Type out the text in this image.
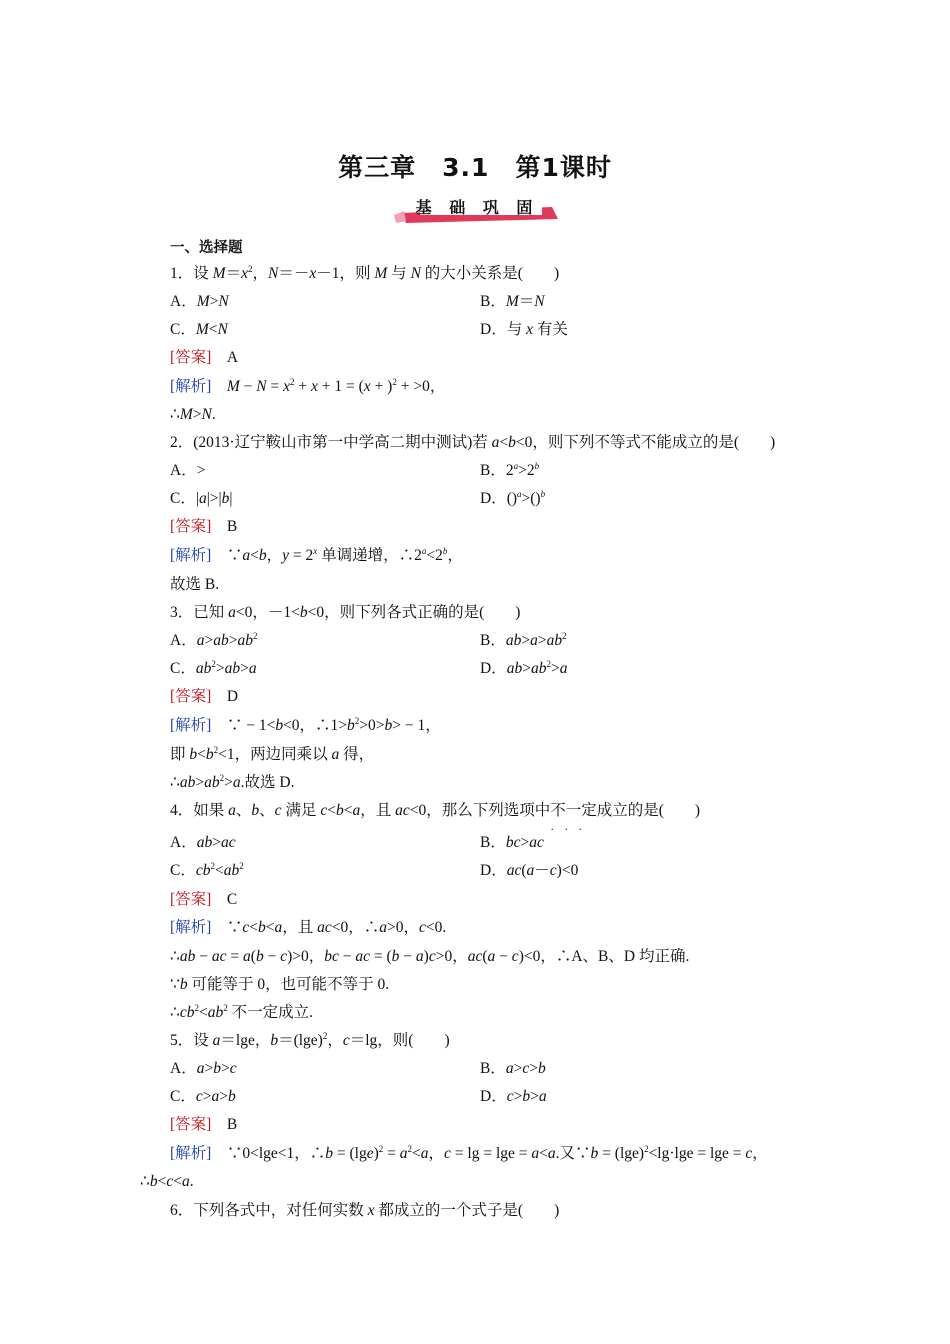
第三章　3.1　第1课时
基 础 巩 固
一、选择题
1．设 $M=x^2$，N＝－x－1，则 M 与 N 的大小关系是(　　)
A．M>N	B．M＝N
C．M<N	D．与 x 有关
[答案]　 A
[解析]　 $M - N = x^2 + x + 1 = (x + )^2 + >0$，
∴M>N.
2．(2013·辽宁鞍山市第一中学高二期中测试)若 a<b<0，则下列不等式不能成立的是(　　)
A．>	B．$2^a>2^b$
C．|a|>|b|	D．()$^a$>()$^b$
[答案]　 B
[解析]　∵a<b，$y = 2^x$ 单调递增，$\therefore 2^a<2^b$，
故选 B.
3．已知 a<0，－1<b<0，则下列各式正确的是(　　)
A．$a>ab>ab^2$	B．$ab>a>ab^2$
C．$ab^2>ab>a$	D．$ab>ab^2>a$
[答案]　 D
[解析]　∵ − 1<b<0，$\therefore 1>b^2>0>b> - 1$，
即 $b<b^2<1$，两边同乘以 a 得，
$\therefore ab>ab^2>a$.故选 D.
4．如果 a、b、c 满足 c<b<a，且 ac<0，那么下列选项中不一定
···
成立的是(　　)
A．ab>ac	B．bc>ac
C．$cb^2<ab^2$	D．ac(a－c)<0
[答案]　 C
[解析]　∵c<b<a，且 ac<0，∴a>0，c<0.
∴ab − ac = a(b − c)>0，bc − ac = (b − a)c>0，ac(a − c)<0，∴A、B、D 均正确.
∵b 可能等于 0，也可能不等于 0.
$\therefore cb^2<ab^2$ 不一定成立.
5．设 a＝lge，$b=(\lg e)^2$，c＝lg，则(　　)
A．a>b>c	B．a>c>b
C．c>a>b	D．c>b>a
[答案]　 B
[解析]　∵0<lge<1，∴b = $(\lg e)^2 = a^2<a$，c = lg = lge = a<a.又∵b = $(\lg e)^2<\lg\cdot\lg e = \lg e = c$，
∴b<c<a.
6．下列各式中，对任何实数 x 都成立的一个式子是(　　)
